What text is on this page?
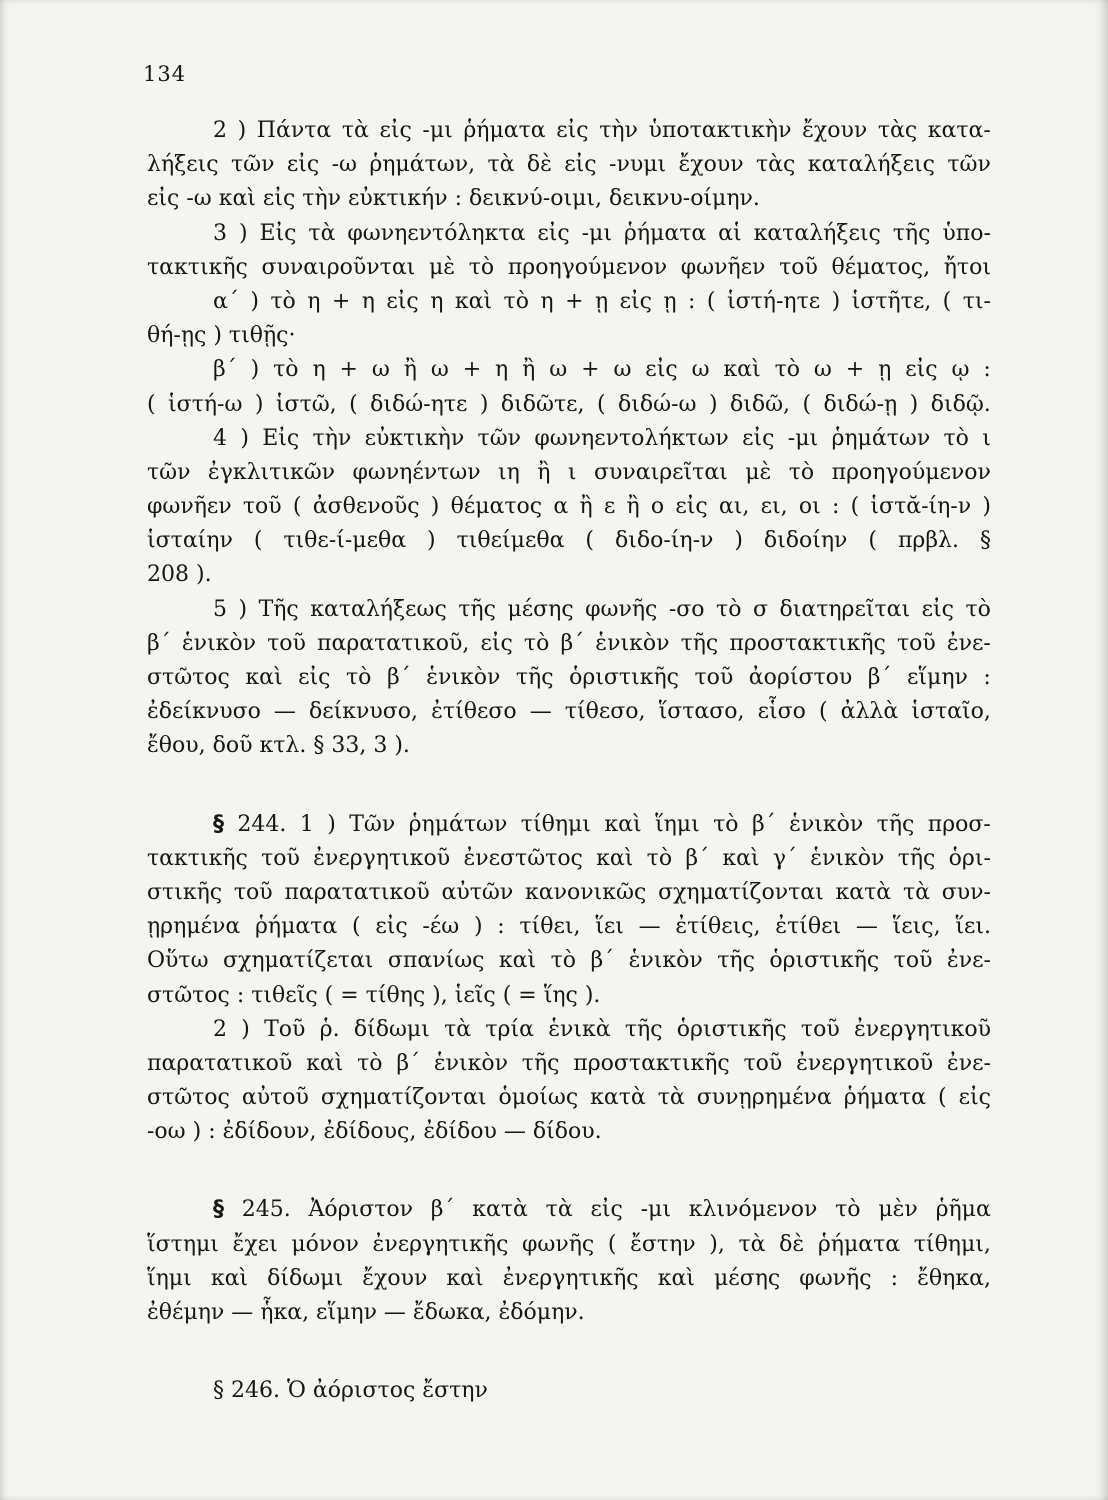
134
2 ) Πάντα τὰ εἰς -μι ῥήματα εἰς τὴν ὑποτακτικὴν ἔχουν τὰς κατα-
λήξεις τῶν εἰς -ω ῥημάτων, τὰ δὲ εἰς -νυμι ἔχουν τὰς καταλήξεις τῶν
εἰς -ω καὶ εἰς τὴν εὐκτικήν : δεικνύ-οιμι, δεικνυ-οίμην.
3 ) Εἰς τὰ φωνηεντόληκτα εἰς -μι ῥήματα αἱ καταλήξεις τῆς ὑπο-
τακτικῆς συναιροῦνται μὲ τὸ προηγούμενον φωνῆεν τοῦ θέματος, ἤτοι
α΄ ) τὸ η + η εἰς η καὶ τὸ η + ῃ εἰς ῃ : ( ἱστή-ητε ) ἱστῆτε, ( τι-
θή-ῃς ) τιθῇς·
β΄ ) τὸ η + ω ἢ ω + η ἢ ω + ω εἰς ω καὶ τὸ ω + ῃ εἰς ῳ :
( ἱστή-ω ) ἱστῶ, ( διδώ-ητε ) διδῶτε, ( διδώ-ω ) διδῶ, ( διδώ-ῃ ) διδῷ.
4 ) Εἰς τὴν εὐκτικὴν τῶν φωνηεντολήκτων εἰς -μι ῥημάτων τὸ ι
τῶν ἐγκλιτικῶν φωνηέντων ιη ἢ ι συναιρεῖται μὲ τὸ προηγούμενον
φωνῆεν τοῦ ( ἀσθενοῦς ) θέματος α ἢ ε ἢ ο εἰς αι, ει, οι : ( ἱστᾰ-ίη-ν )
ἱσταίην ( τιθε-ί-μεθα ) τιθείμεθα ( διδο-ίη-ν ) διδοίην ( πρβλ. §
208 ).
5 ) Τῆς καταλήξεως τῆς μέσης φωνῆς -σο τὸ σ διατηρεῖται εἰς τὸ
β΄ ἑνικὸν τοῦ παρατατικοῦ, εἰς τὸ β΄ ἑνικὸν τῆς προστακτικῆς τοῦ ἐνε-
στῶτος καὶ εἰς τὸ β΄ ἑνικὸν τῆς ὁριστικῆς τοῦ ἀορίστου β΄ εἵμην :
ἐδείκνυσο — δείκνυσο, ἐτίθεσο — τίθεσο, ἵστασο, εἷσο ( ἀλλὰ ἱσταῖο,
ἔθου, δοῦ κτλ. § 33, 3 ).
§ 244. 1 ) Τῶν ῥημάτων τίθημι καὶ ἵημι τὸ β΄ ἑνικὸν τῆς προσ-
τακτικῆς τοῦ ἐνεργητικοῦ ἐνεστῶτος καὶ τὸ β΄ καὶ γ΄ ἑνικὸν τῆς ὁρι-
στικῆς τοῦ παρατατικοῦ αὐτῶν κανονικῶς σχηματίζονται κατὰ τὰ συν-
ῃρημένα ῥήματα ( εἰς -έω ) : τίθει, ἵει — ἐτίθεις, ἐτίθει — ἵεις, ἵει.
Οὕτω σχηματίζεται σπανίως καὶ τὸ β΄ ἑνικὸν τῆς ὁριστικῆς τοῦ ἐνε-
στῶτος : τιθεῖς ( = τίθης ), ἱεῖς ( = ἵης ).
2 ) Τοῦ ῥ. δίδωμι τὰ τρία ἑνικὰ τῆς ὁριστικῆς τοῦ ἐνεργητικοῦ
παρατατικοῦ καὶ τὸ β΄ ἑνικὸν τῆς προστακτικῆς τοῦ ἐνεργητικοῦ ἐνε-
στῶτος αὐτοῦ σχηματίζονται ὁμοίως κατὰ τὰ συνῃρημένα ῥήματα ( εἰς
-οω ) : ἐδίδουν, ἐδίδους, ἐδίδου — δίδου.
§ 245. Ἀόριστον β΄ κατὰ τὰ εἰς -μι κλινόμενον τὸ μὲν ῥῆμα
ἵστημι ἔχει μόνον ἐνεργητικῆς φωνῆς ( ἔστην ), τὰ δὲ ῥήματα τίθημι,
ἵημι καὶ δίδωμι ἔχουν καὶ ἐνεργητικῆς καὶ μέσης φωνῆς : ἔθηκα,
ἐθέμην — ἧκα, εἵμην — ἔδωκα, ἐδόμην.
§ 246. Ὁ ἀόριστος ἔστην
